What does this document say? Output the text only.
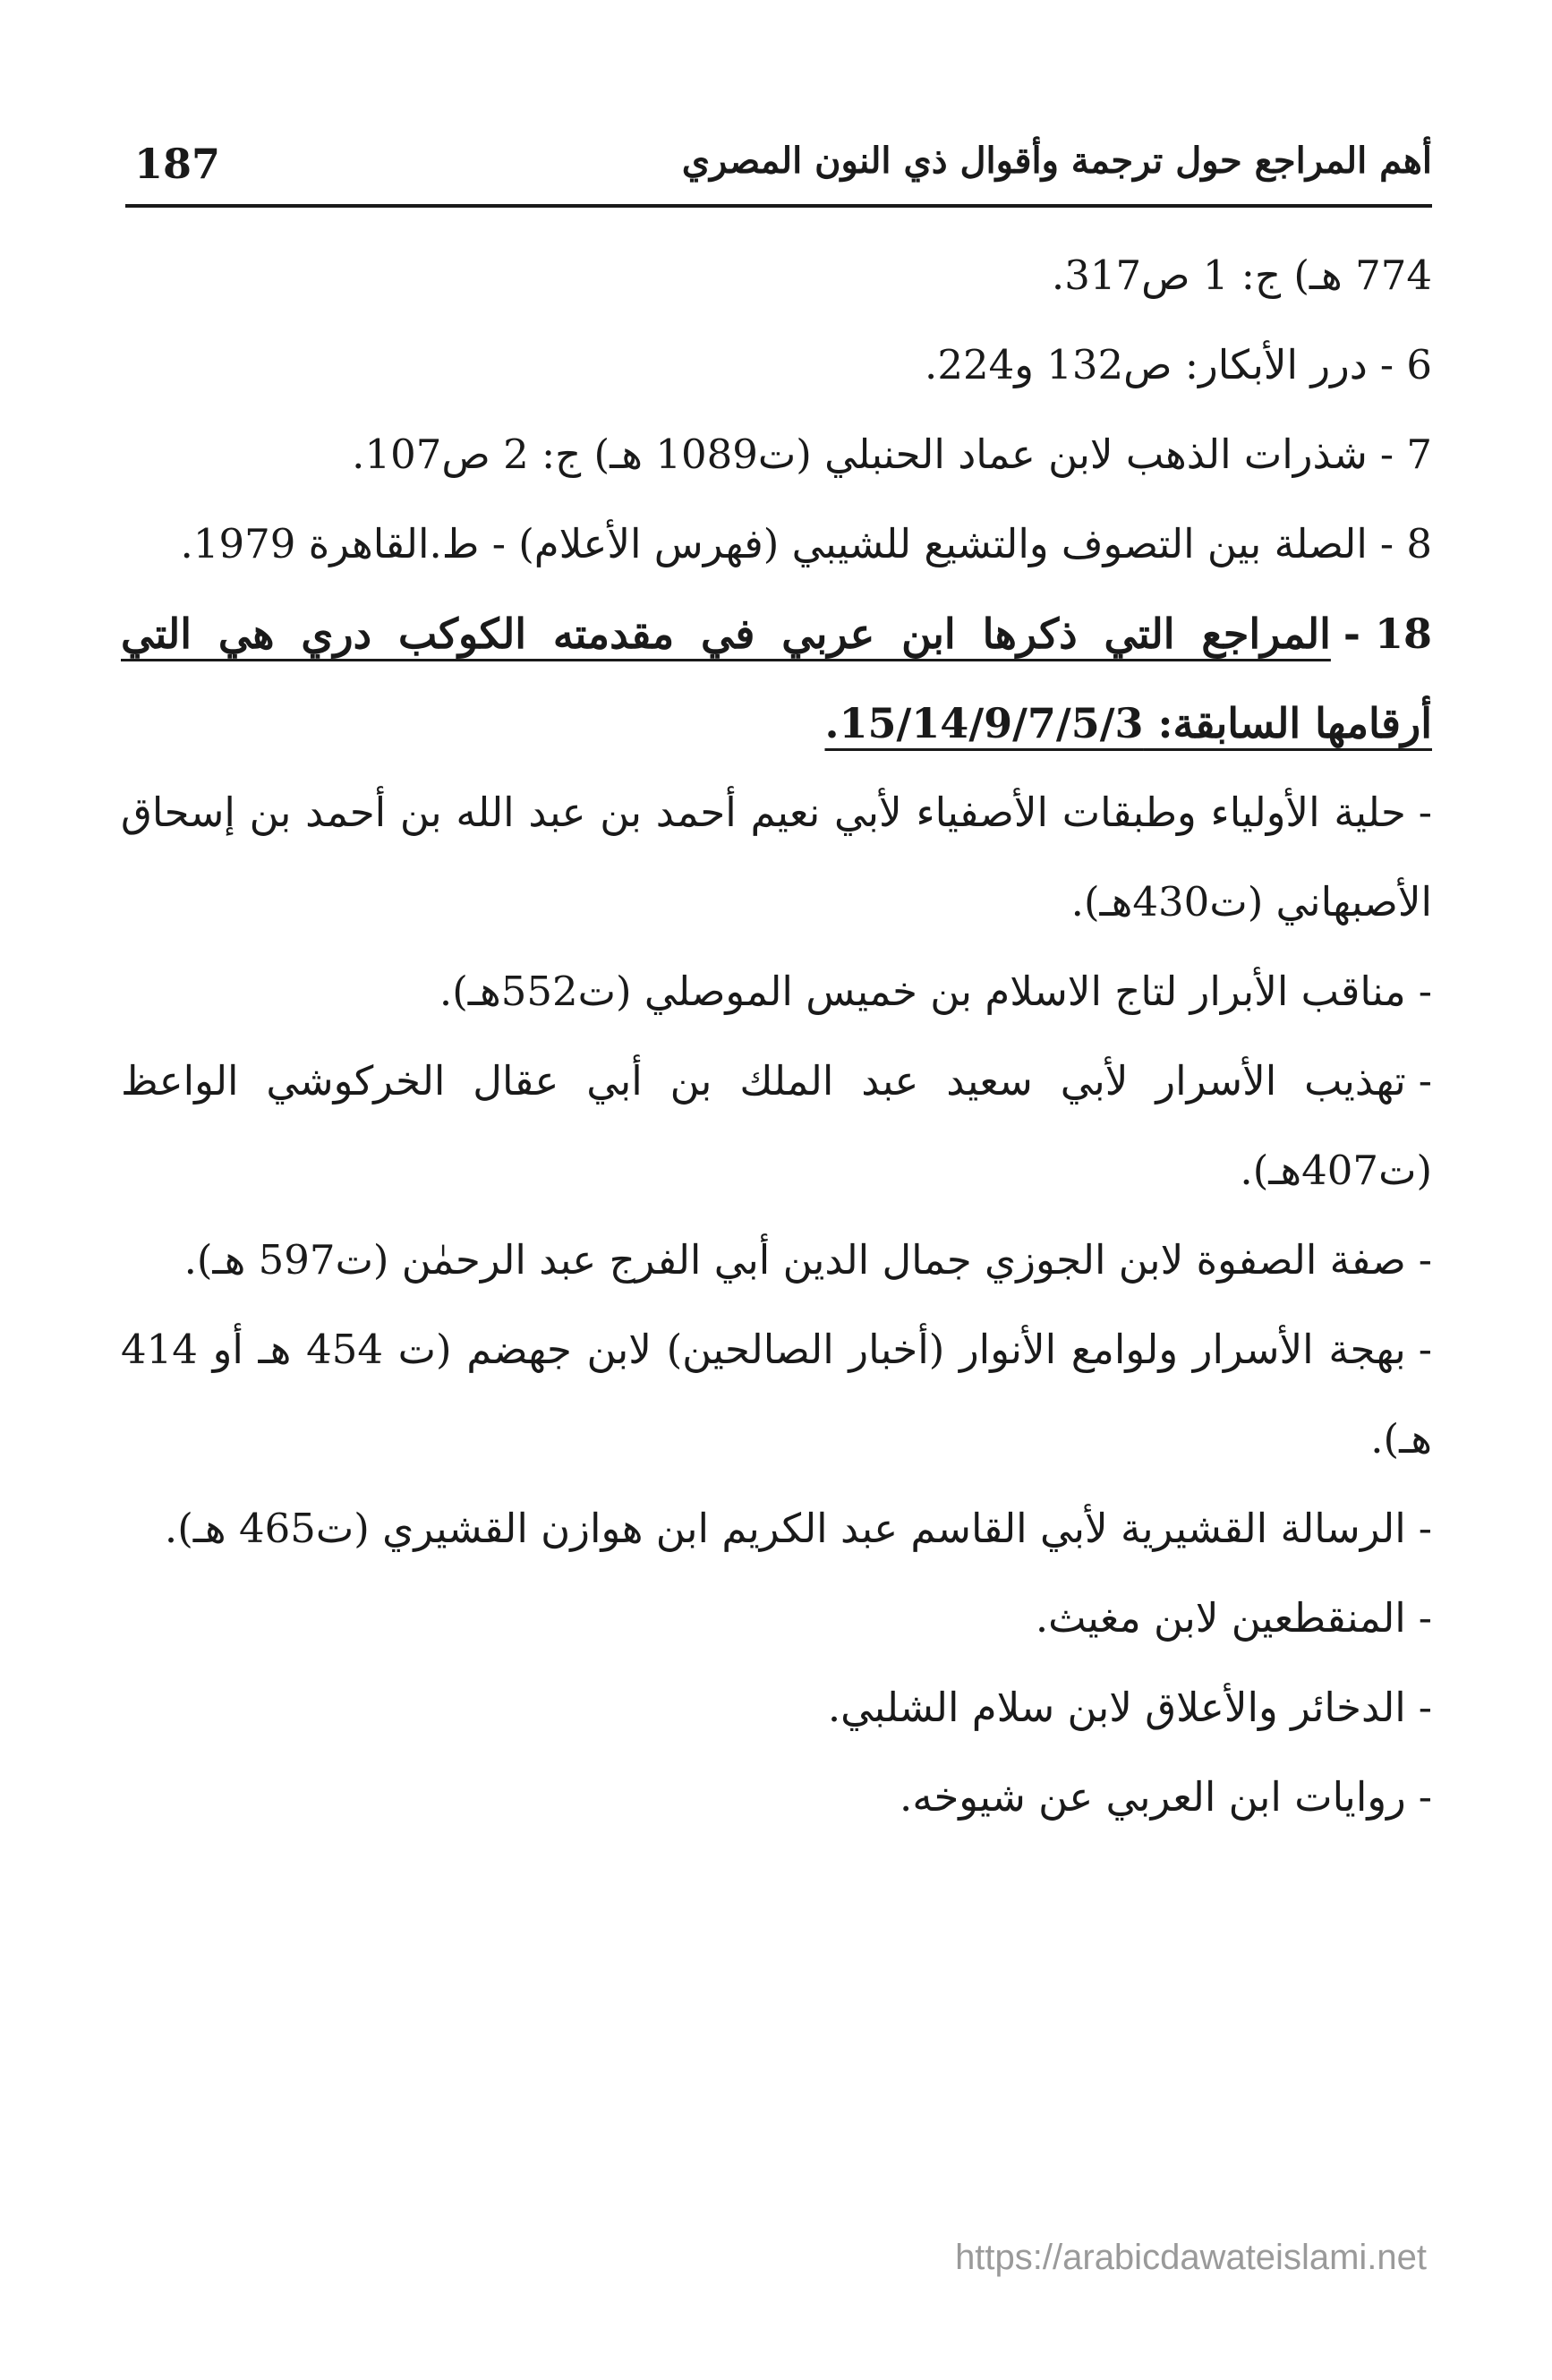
أهم المراجع حول ترجمة وأقوال ذي النون المصري
187

774 هـ) ج: 1 ص317.

6 -درر الأبكار: ص132 و224.

7 -شذرات الذهب لابن عماد الحنبلي (ت1089 هـ) ج: 2 ص107.

8 -الصلة بين التصوف والتشيع للشيبي (فهرس الأعلام) - ط.القاهرة 1979.

18 -المراجع التي ذكرها ابن عربي في مقدمته الكوكب دري هي التي أرقامها السابقة: 15/14/9/7/5/3.

-حلية الأولياء وطبقات الأصفياء لأبي نعيم أحمد بن عبد الله بن أحمد بن إسحاق الأصبهاني (ت430هـ).

-مناقب الأبرار لتاج الاسلام بن خميس الموصلي (ت552هـ).

-تهذيب الأسرار لأبي سعيد عبد الملك بن أبي عقال الخركوشي الواعظ (ت407هـ).

-صفة الصفوة لابن الجوزي جمال الدين أبي الفرج عبد الرحمٰن (ت597 هـ).

-بهجة الأسرار ولوامع الأنوار (أخبار الصالحين) لابن جهضم (ت 454 هـ أو 414 هـ).

-الرسالة القشيرية لأبي القاسم عبد الكريم ابن هوازن القشيري (ت465 هـ).

-المنقطعين لابن مغيث.

-الدخائر والأعلاق لابن سلام الشلبي.

-روايات ابن العربي عن شيوخه.

https://arabicdawateislami.net
